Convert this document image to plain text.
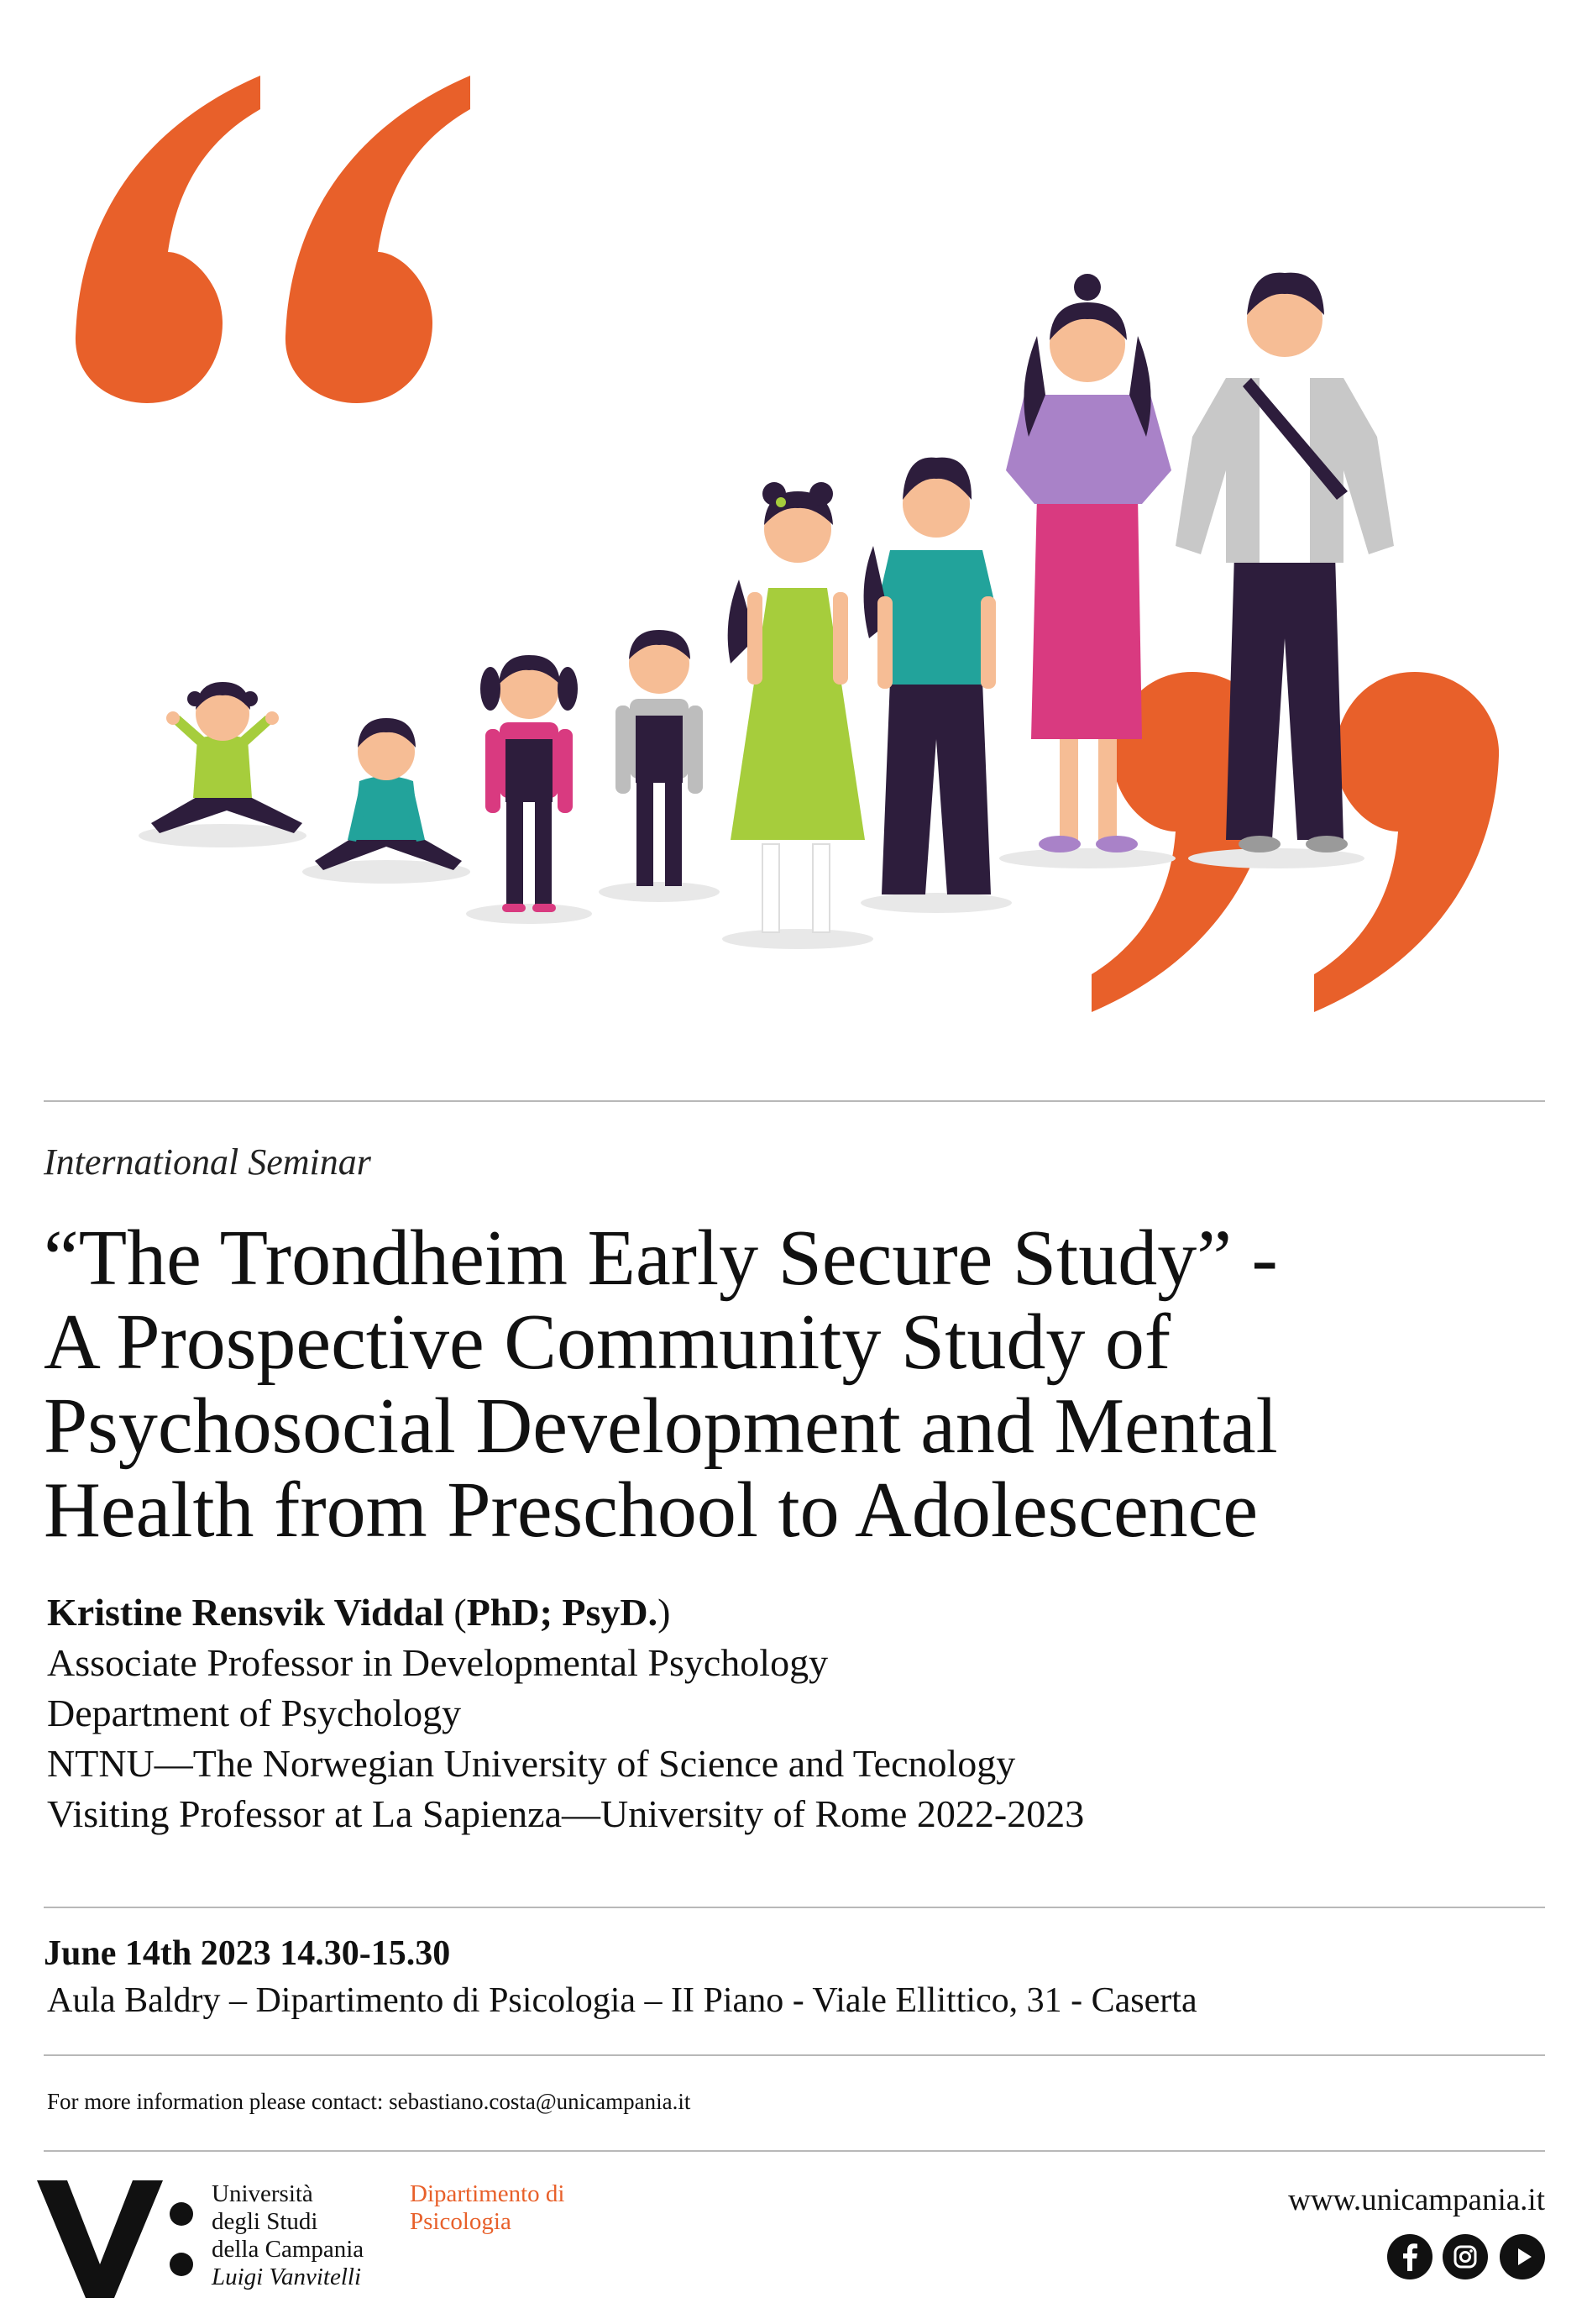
International Seminar
“The Trondheim Early Secure Study” -
A Prospective Community Study of
Psychosocial Development and Mental
Health from Preschool to Adolescence
Kristine Rensvik Viddal (PhD; PsyD.)
Associate Professor in Developmental Psychology
Department of Psychology
NTNU—The Norwegian University of Science and Tecnology
Visiting Professor at La Sapienza—University of Rome 2022-2023
June 14th 2023 14.30-15.30
Aula Baldry – Dipartimento di Psicologia – II Piano - Viale Ellittico, 31 - Caserta
For more information please contact: sebastiano.costa@unicampania.it
Università
degli Studi
della Campania
Luigi Vanvitelli
Dipartimento di
Psicologia
www.unicampania.it
